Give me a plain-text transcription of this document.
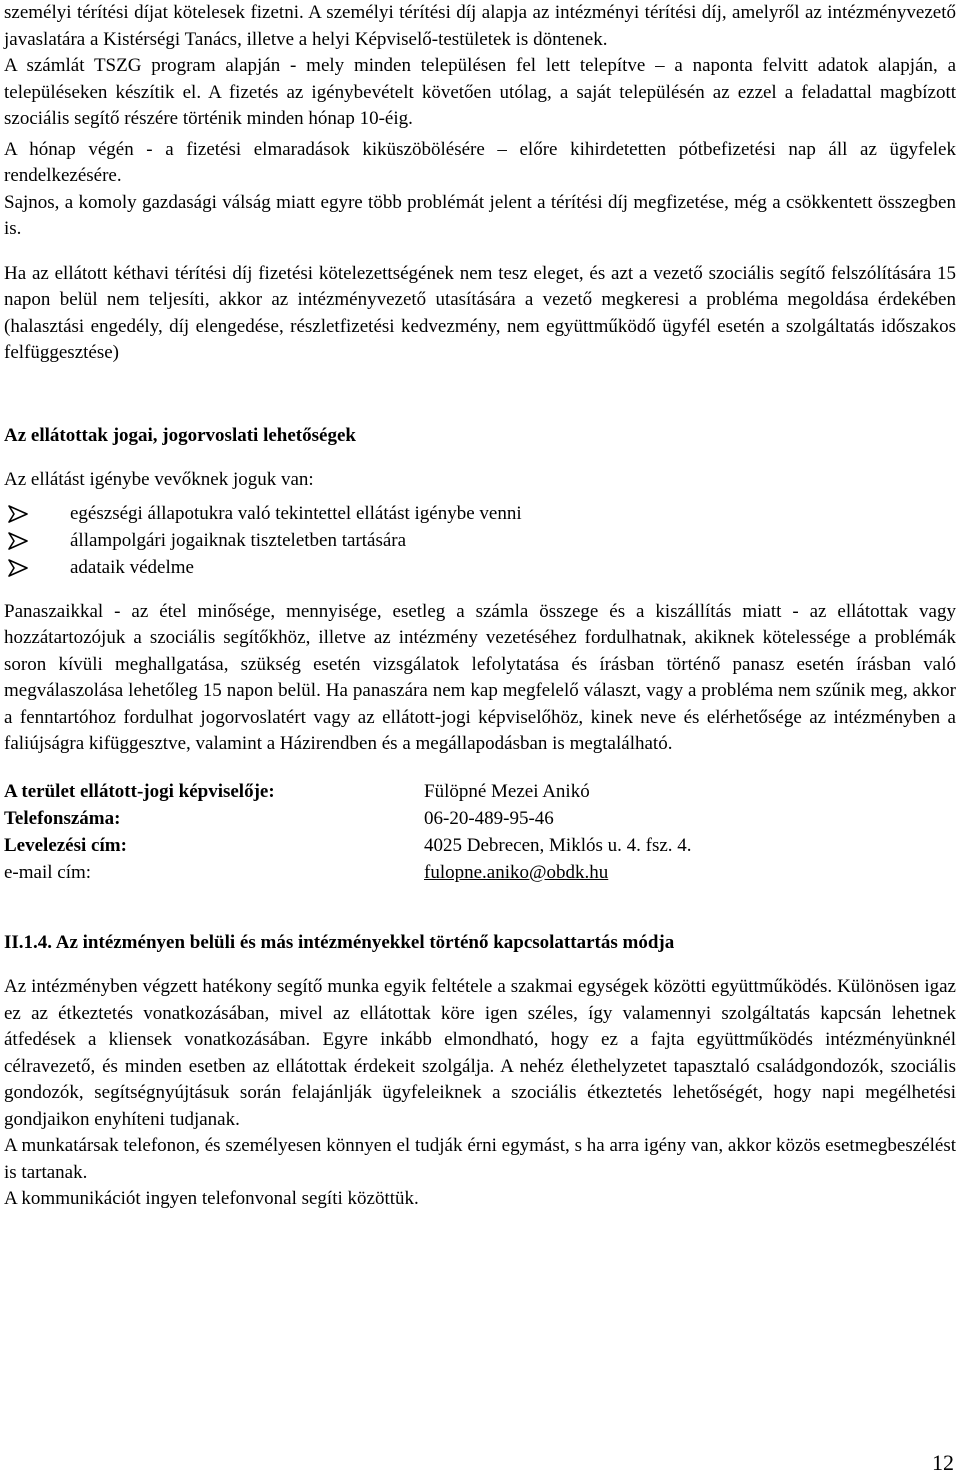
személyi térítési díjat kötelesek fizetni. A személyi térítési díj alapja az intézményi térítési díj, amelyről az intézményvezető javaslatára a Kistérségi Tanács, illetve a helyi Képviselő-testületek is döntenek.

A számlát TSZG program alapján - mely minden településen fel lett telepítve – a naponta felvitt adatok alapján, a településeken készítik el. A fizetés az igénybevételt követően utólag, a saját településén az ezzel a feladattal magbízott szociális segítő részére történik minden hónap 10-éig.

A hónap végén - a fizetési elmaradások kiküszöbölésére – előre kihirdetetten pótbefizetési nap áll az ügyfelek rendelkezésére.

Sajnos, a komoly gazdasági válság miatt egyre több problémát jelent a térítési díj megfizetése, még a csökkentett összegben is.

Ha az ellátott kéthavi térítési díj fizetési kötelezettségének nem tesz eleget, és azt a vezető szociális segítő felszólítására 15 napon belül nem teljesíti, akkor az intézményvezető utasítására a vezető megkeresi a probléma megoldása érdekében (halasztási engedély, díj elengedése, részletfizetési kedvezmény, nem együttműködő ügyfél esetén a szolgáltatás időszakos felfüggesztése)

Az ellátottak jogai, jogorvoslati lehetőségek

Az ellátást igénybe vevőknek joguk van:

egészségi állapotukra való tekintettel ellátást igénybe venni
állampolgári jogaiknak tiszteletben tartására
adataik védelme

Panaszaikkal - az étel minősége, mennyisége, esetleg a számla összege és a kiszállítás miatt - az ellátottak vagy hozzátartozójuk a szociális segítőkhöz, illetve az intézmény vezetéséhez fordulhatnak, akiknek kötelessége a problémák soron kívüli meghallgatása, szükség esetén vizsgálatok lefolytatása és írásban történő panasz esetén írásban való megválaszolása lehetőleg 15 napon belül. Ha panaszára nem kap megfelelő választ, vagy a probléma nem szűnik meg, akkor a fenntartóhoz fordulhat jogorvoslatért vagy az ellátott-jogi képviselőhöz, kinek neve és elérhetősége az intézményben a faliújságra kifüggesztve, valamint a Házirendben és a megállapodásban is megtalálható.

A terület ellátott-jogi képviselője:	Fülöpné Mezei Anikó
Telefonszáma:	06-20-489-95-46
Levelezési cím:	4025 Debrecen, Miklós u. 4. fsz. 4.
e-mail cím:	fulopne.aniko@obdk.hu

II.1.4. Az intézményen belüli és más intézményekkel történő kapcsolattartás módja

Az intézményben végzett hatékony segítő munka egyik feltétele a szakmai egységek közötti együttműködés. Különösen igaz ez az étkeztetés vonatkozásában, mivel az ellátottak köre igen széles, így valamennyi szolgáltatás kapcsán lehetnek átfedések a kliensek vonatkozásában. Egyre inkább elmondható, hogy ez a fajta együttműködés intézményünknél célravezető, és minden esetben az ellátottak érdekeit szolgálja. A nehéz élethelyzetet tapasztaló családgondozók, szociális gondozók, segítségnyújtásuk során felajánlják ügyfeleiknek a szociális étkeztetés lehetőségét, hogy napi megélhetési gondjaikon enyhíteni tudjanak.

A munkatársak telefonon, és személyesen könnyen el tudják érni egymást, s ha arra igény van, akkor közös esetmegbeszélést is tartanak.

A kommunikációt ingyen telefonvonal segíti közöttük.

12
